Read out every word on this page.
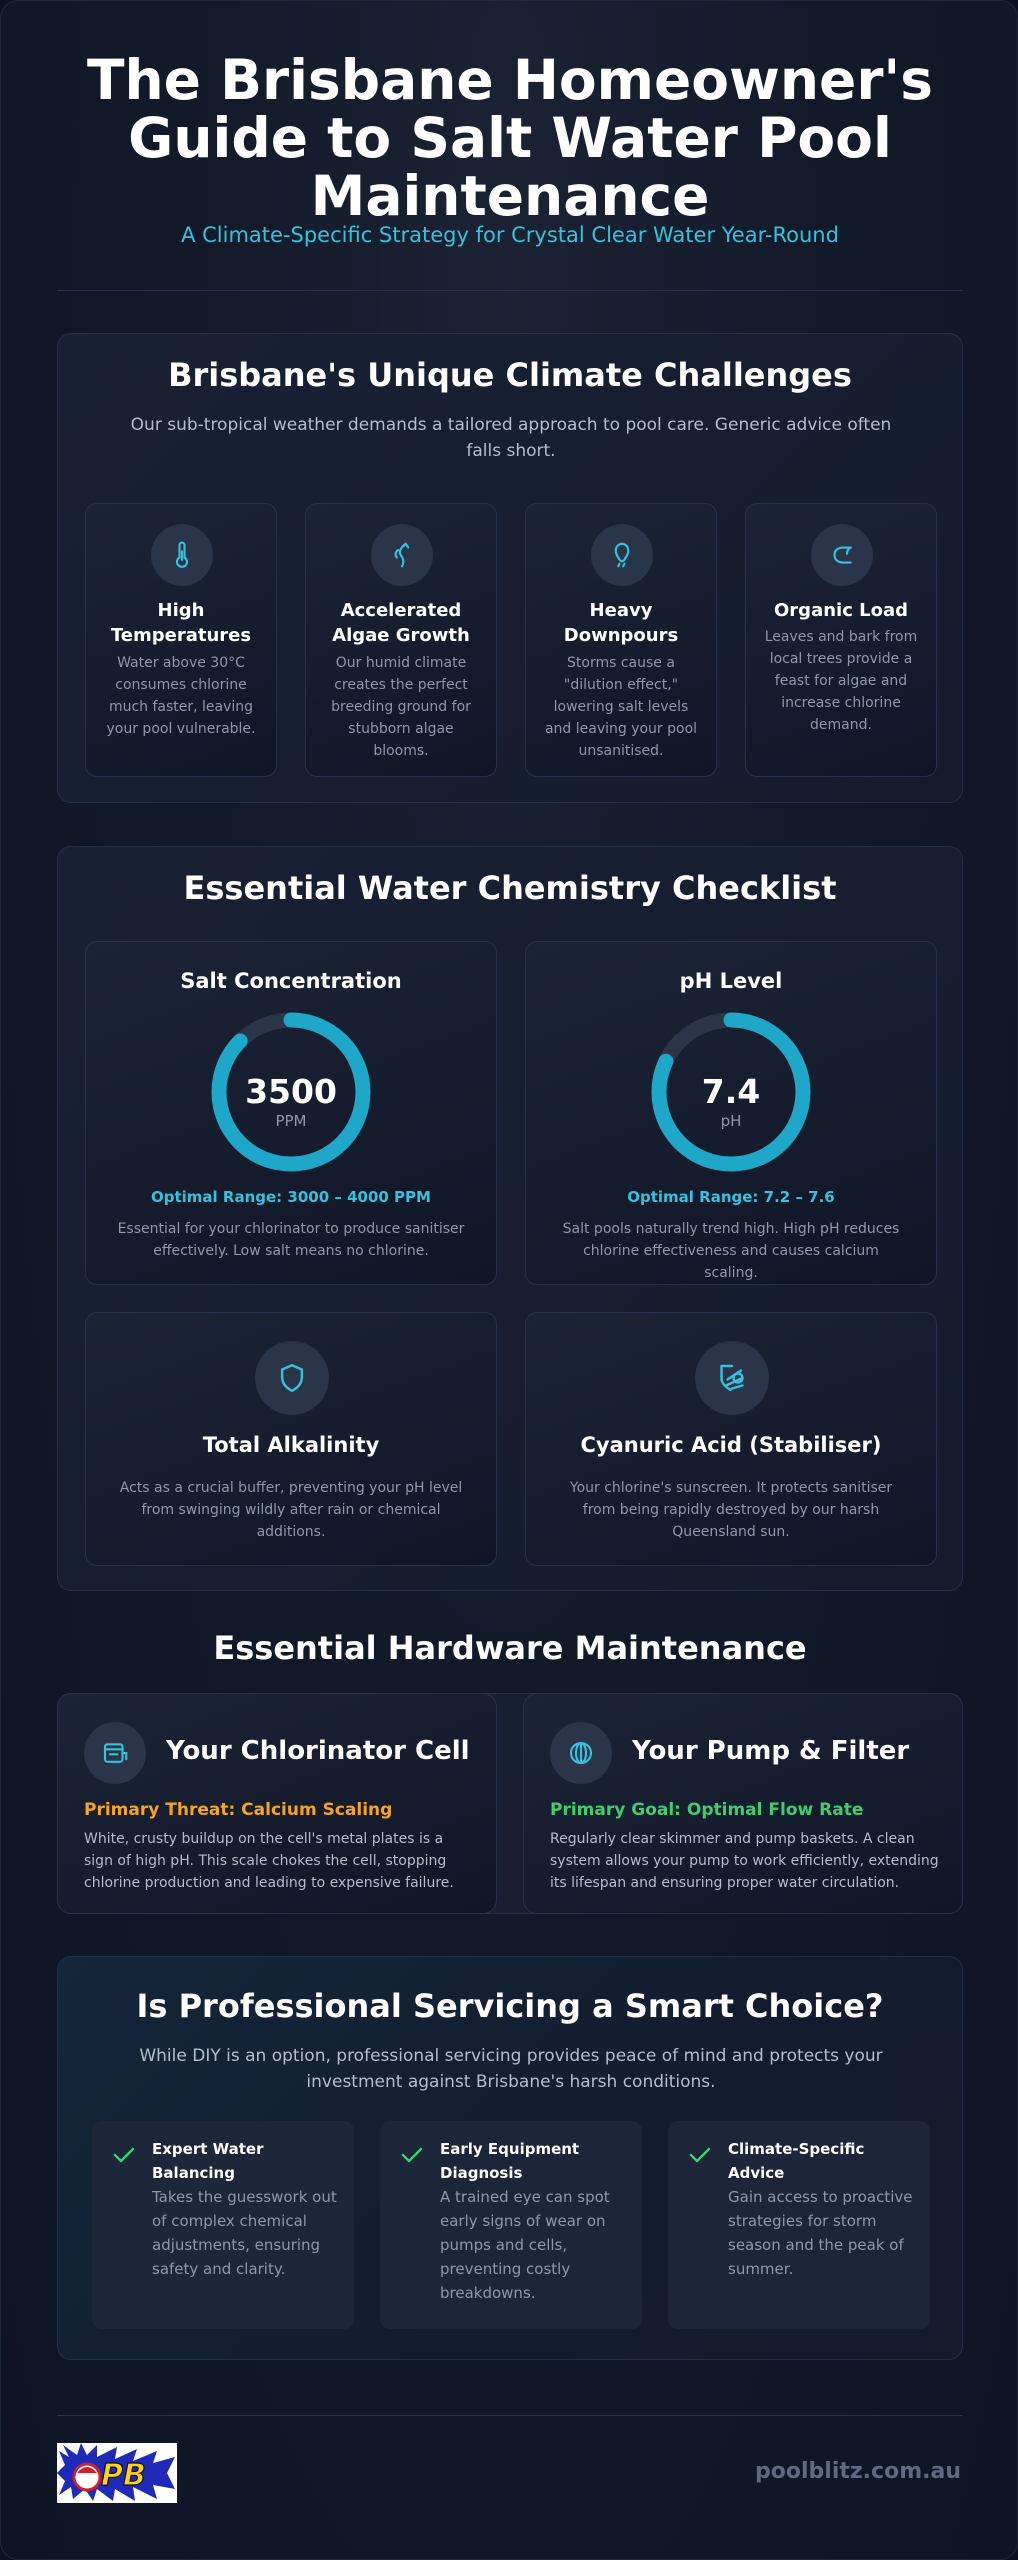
The Brisbane Homeowner's Guide to Salt Water Pool Maintenance
A Climate-Specific Strategy for Crystal Clear Water Year-Round
Brisbane's Unique Climate Challenges
Our sub-tropical weather demands a tailored approach to pool care. Generic advice often falls short.
High Temperatures
Water above 30°C consumes chlorine much faster, leaving your pool vulnerable.
Accelerated Algae Growth
Our humid climate creates the perfect breeding ground for stubborn algae blooms.
Heavy Downpours
Storms cause a "dilution effect," lowering salt levels and leaving your pool unsanitised.
Organic Load
Leaves and bark from local trees provide a feast for algae and increase chlorine demand.
Essential Water Chemistry Checklist
Salt Concentration
3500
PPM
Optimal Range: 3000 – 4000 PPM
Essential for your chlorinator to produce sanitiser effectively. Low salt means no chlorine.
pH Level
7.4
pH
Optimal Range: 7.2 – 7.6
Salt pools naturally trend high. High pH reduces chlorine effectiveness and causes calcium scaling.
Total Alkalinity
Acts as a crucial buffer, preventing your pH level from swinging wildly after rain or chemical additions.
Cyanuric Acid (Stabiliser)
Your chlorine's sunscreen. It protects sanitiser from being rapidly destroyed by our harsh Queensland sun.
Essential Hardware Maintenance
Your Chlorinator Cell
Primary Threat: Calcium Scaling
White, crusty buildup on the cell's metal plates is a sign of high pH. This scale chokes the cell, stopping chlorine production and leading to expensive failure.
Your Pump & Filter
Primary Goal: Optimal Flow Rate
Regularly clear skimmer and pump baskets. A clean system allows your pump to work efficiently, extending its lifespan and ensuring proper water circulation.
Is Professional Servicing a Smart Choice?
While DIY is an option, professional servicing provides peace of mind and protects your investment against Brisbane's harsh conditions.
Expert Water Balancing
Takes the guesswork out of complex chemical adjustments, ensuring safety and clarity.
Early Equipment Diagnosis
A trained eye can spot early signs of wear on pumps and cells, preventing costly breakdowns.
Climate-Specific Advice
Gain access to proactive strategies for storm season and the peak of summer.
PB	poolblitz.com.au
